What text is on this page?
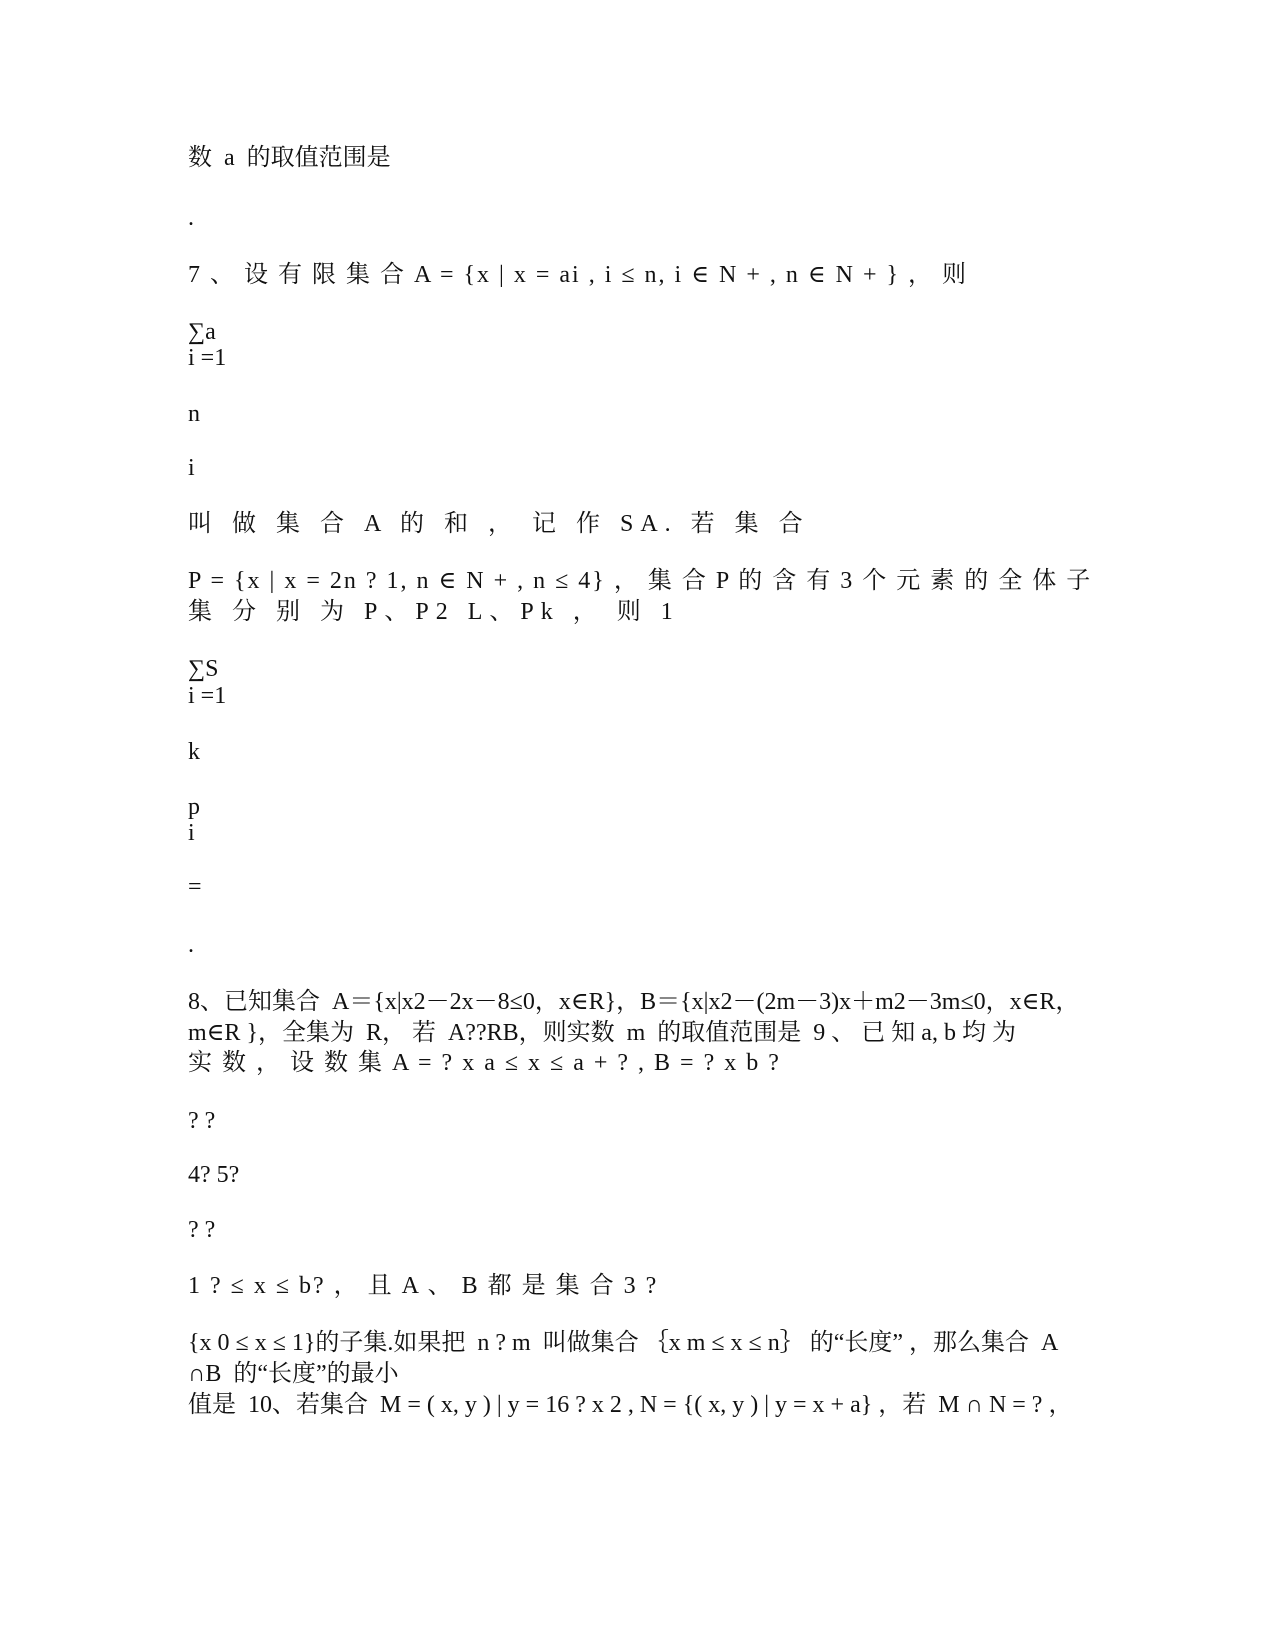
数  a  的取值范围是
.
7 、 设 有 限 集 合 A = {x | x = ai , i ≤ n, i ∈ N + , n ∈ N + } ， 则
∑a
i =1
n
i
叫 做 集 合 A 的 和 ， 记 作 SA. 若 集 合
P = {x | x = 2n ? 1, n ∈ N + , n ≤ 4} ， 集 合 P 的 含 有 3 个 元 素 的 全 体 子
集 分 别 为 P、P2 L、Pk ， 则 1
∑S
i =1
k
p
i
=
.
8、已知集合  A＝{x|x2－2x－8≤0，x∈R}，B＝{x|x2－(2m－3)x＋m2－3m≤0，x∈R，
m∈R }，全集为  R， 若  A??RB，则实数  m  的取值范围是  9 、 已 知 a, b 均 为
实 数 ， 设 数 集 A = ? x a ≤ x ≤ a + ? , B = ? x b ?
? ?
4? 5?
? ?
1 ? ≤ x ≤ b? ， 且 A 、 B 都 是 集 合 3 ?
{x 0 ≤ x ≤ 1}的子集.如果把  n ? m  叫做集合 ｛x m ≤ x ≤ n｝ 的“长度” ，那么集合  A
∩B  的“长度”的最小
值是  10、若集合  M = ( x, y ) | y = 16 ? x 2 , N = {( x, y ) | y = x + a} ，若  M ∩ N = ? ，
